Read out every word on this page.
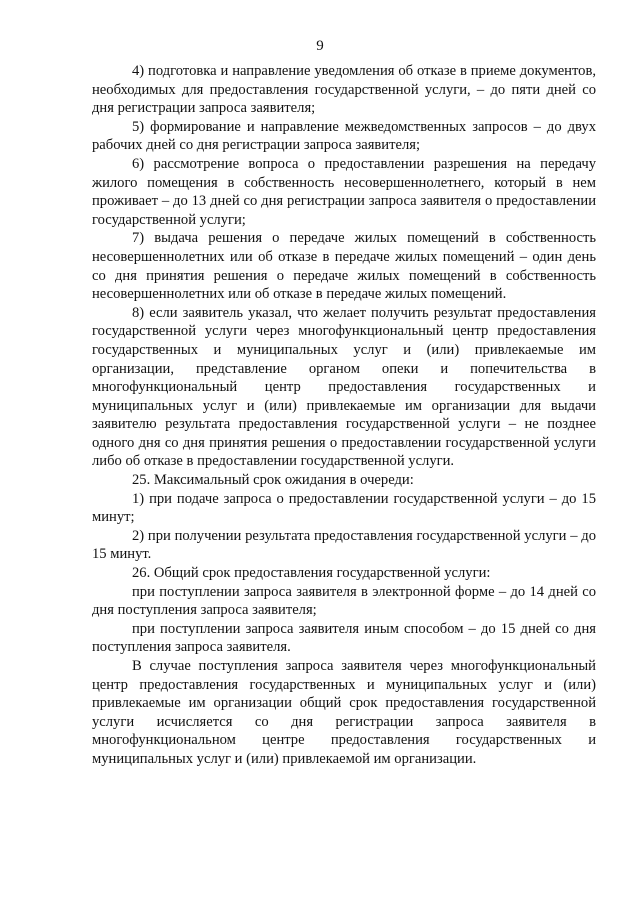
9

4) подготовка и направление уведомления об отказе в приеме документов, необходимых для предоставления государственной услуги, – до пяти дней со дня регистрации запроса заявителя;

5) формирование и направление межведомственных запросов – до двух рабочих дней со дня регистрации запроса заявителя;

6) рассмотрение вопроса о предоставлении разрешения на передачу жилого помещения в собственность несовершеннолетнего, который в нем проживает – до 13 дней со дня регистрации запроса заявителя о предоставлении государственной услуги;

7) выдача решения о передаче жилых помещений в собственность несовершеннолетних или об отказе в передаче жилых помещений – один день со дня принятия решения о передаче жилых помещений в собственность несовершеннолетних или об отказе в передаче жилых помещений.

8) если заявитель указал, что желает получить результат предоставления государственной услуги через многофункциональный центр предоставления государственных и муниципальных услуг и (или) привлекаемые им организации, представление органом опеки и попечительства в многофункциональный центр предоставления государственных и муниципальных услуг и (или) привлекаемые им организации для выдачи заявителю результата предоставления государственной услуги – не позднее одного дня со дня принятия решения о предоставлении государственной услуги либо об отказе в предоставлении государственной услуги.

25. Максимальный срок ожидания в очереди:

1) при подаче запроса о предоставлении государственной услуги – до 15 минут;

2) при получении результата предоставления государственной услуги – до 15 минут.

26. Общий срок предоставления государственной услуги:

при поступлении запроса заявителя в электронной форме – до 14 дней со дня поступления запроса заявителя;

при поступлении запроса заявителя иным способом – до 15 дней со дня поступления запроса заявителя.

В случае поступления запроса заявителя через многофункциональный центр предоставления государственных и муниципальных услуг и (или) привлекаемые им организации общий срок предоставления государственной услуги исчисляется со дня регистрации запроса заявителя в многофункциональном центре предоставления государственных и муниципальных услуг и (или) привлекаемой им организации.
